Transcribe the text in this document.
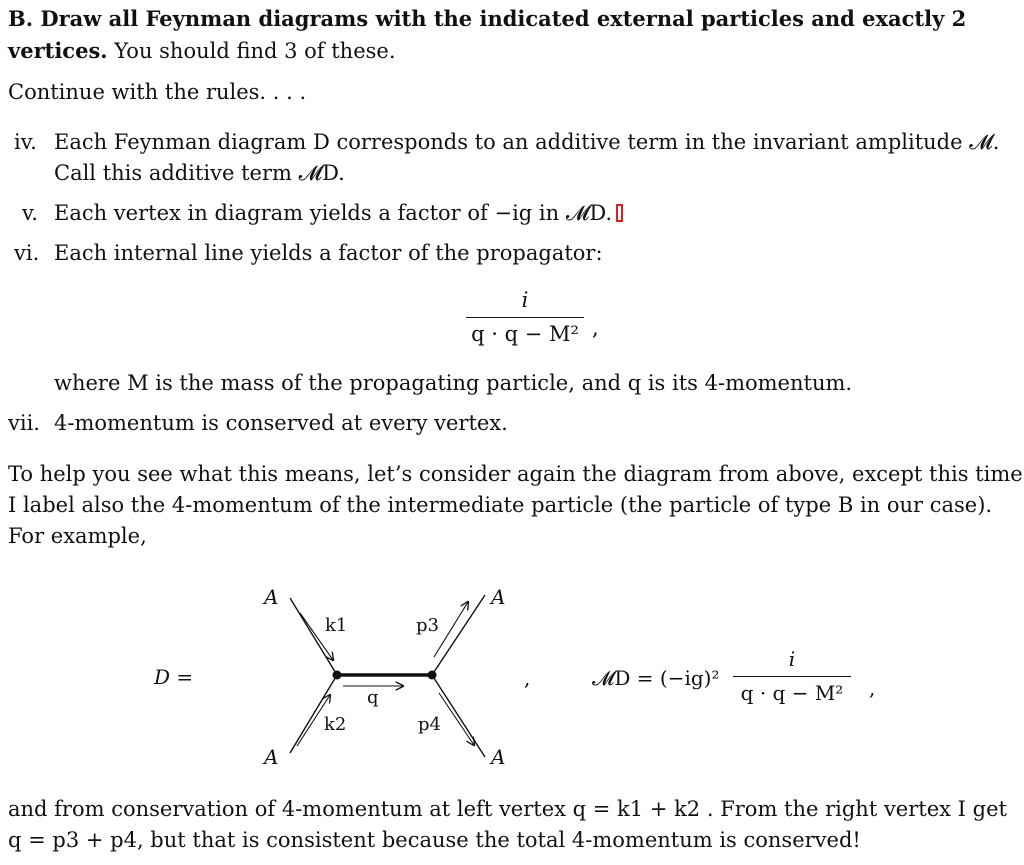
B. Draw all Feynman diagrams with the indicated external particles and exactly 2
vertices. You should find 3 of these.
Continue with the rules. . . .
iv. Each Feynman diagram D corresponds to an additive term in the invariant amplitude 𝓜.
Call this additive term 𝓜D.
v. Each vertex in diagram yields a factor of −ig in 𝓜D.
vi. Each internal line yields a factor of the propagator:
i
q · q − M² ,
where M is the mass of the propagating particle, and q is its 4-momentum.
vii. 4-momentum is conserved at every vertex.
To help you see what this means, let’s consider again the diagram from above, except this time
I label also the 4-momentum of the intermediate particle (the particle of type B in our case).
For example,
D =
A	A
A	A
k1
k2
p3
p4
q
,	𝓜D = (−ig)²
i
q · q − M²	,
and from conservation of 4-momentum at left vertex q = k1 + k2 . From the right vertex I get
q = p3 + p4, but that is consistent because the total 4-momentum is conserved!
